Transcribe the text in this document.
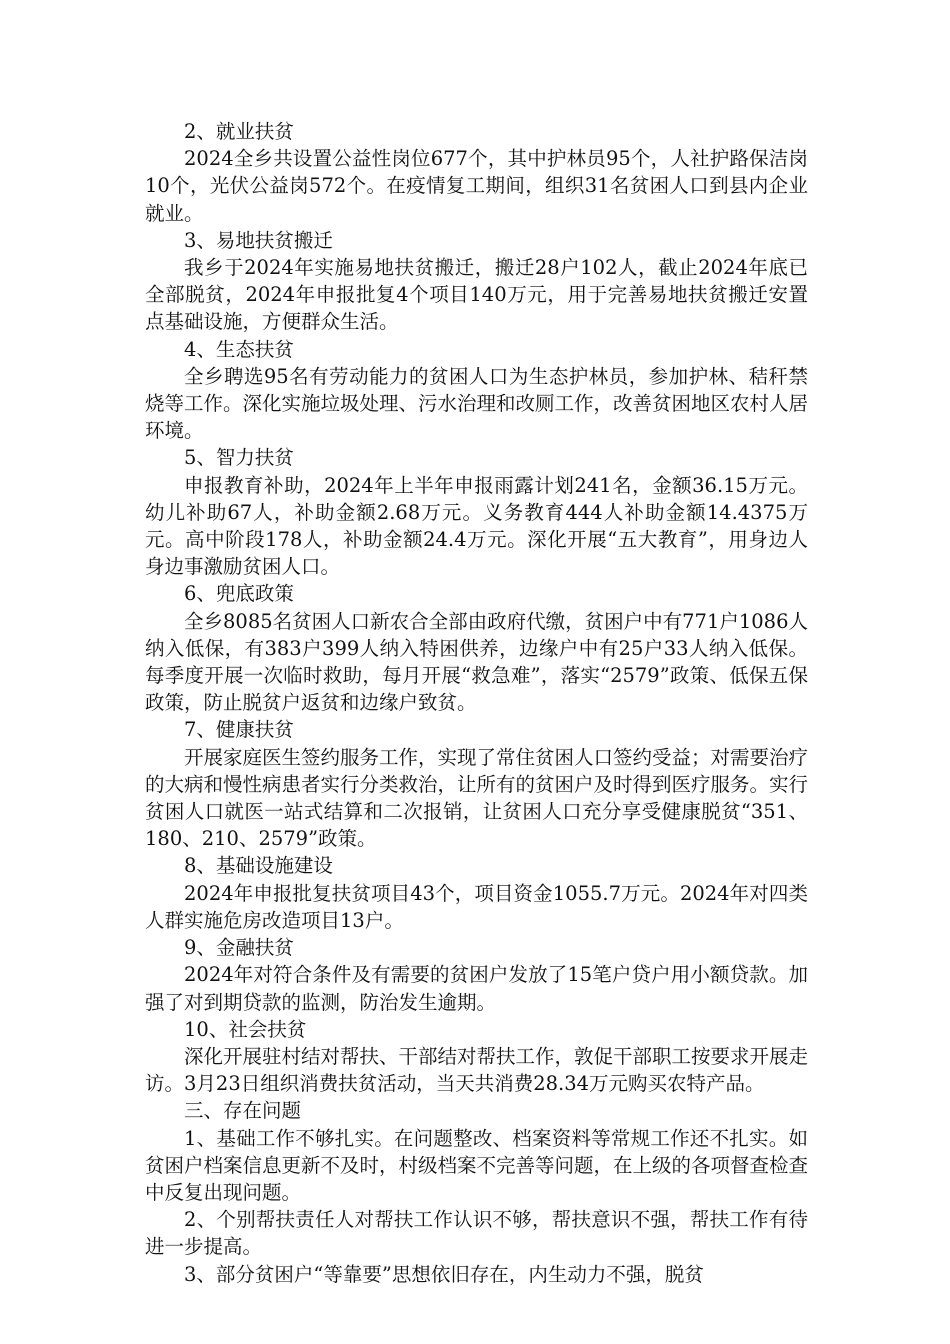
2、就业扶贫

2024全乡共设置公益性岗位677个，其中护林员95个，人社护路保洁岗10个，光伏公益岗572个。在疫情复工期间，组织31名贫困人口到县内企业就业。

3、易地扶贫搬迁

我乡于2024年实施易地扶贫搬迁，搬迁28户102人，截止2024年底已全部脱贫，2024年申报批复4个项目140万元，用于完善易地扶贫搬迁安置点基础设施，方便群众生活。

4、生态扶贫

全乡聘选95名有劳动能力的贫困人口为生态护林员，参加护林、秸秆禁烧等工作。深化实施垃圾处理、污水治理和改厕工作，改善贫困地区农村人居环境。

5、智力扶贫

申报教育补助，2024年上半年申报雨露计划241名，金额36.15万元。幼儿补助67人，补助金额2.68万元。义务教育444人补助金额14.4375万元。高中阶段178人，补助金额24.4万元。深化开展“五大教育”，用身边人身边事激励贫困人口。

6、兜底政策

全乡8085名贫困人口新农合全部由政府代缴，贫困户中有771户1086人纳入低保，有383户399人纳入特困供养，边缘户中有25户33人纳入低保。每季度开展一次临时救助，每月开展“救急难”，落实“2579”政策、低保五保政策，防止脱贫户返贫和边缘户致贫。

7、健康扶贫

开展家庭医生签约服务工作，实现了常住贫困人口签约受益；对需要治疗的大病和慢性病患者实行分类救治，让所有的贫困户及时得到医疗服务。实行贫困人口就医一站式结算和二次报销，让贫困人口充分享受健康脱贫“351、180、210、2579”政策。

8、基础设施建设

2024年申报批复扶贫项目43个，项目资金1055.7万元。2024年对四类人群实施危房改造项目13户。

9、金融扶贫

2024年对符合条件及有需要的贫困户发放了15笔户贷户用小额贷款。加强了对到期贷款的监测，防治发生逾期。

10、社会扶贫

深化开展驻村结对帮扶、干部结对帮扶工作，敦促干部职工按要求开展走访。3月23日组织消费扶贫活动，当天共消费28.34万元购买农特产品。

三、存在问题

1、基础工作不够扎实。在问题整改、档案资料等常规工作还不扎实。如贫困户档案信息更新不及时，村级档案不完善等问题，在上级的各项督查检查中反复出现问题。

2、个别帮扶责任人对帮扶工作认识不够，帮扶意识不强，帮扶工作有待进一步提高。

3、部分贫困户“等靠要”思想依旧存在，内生动力不强，脱贫
